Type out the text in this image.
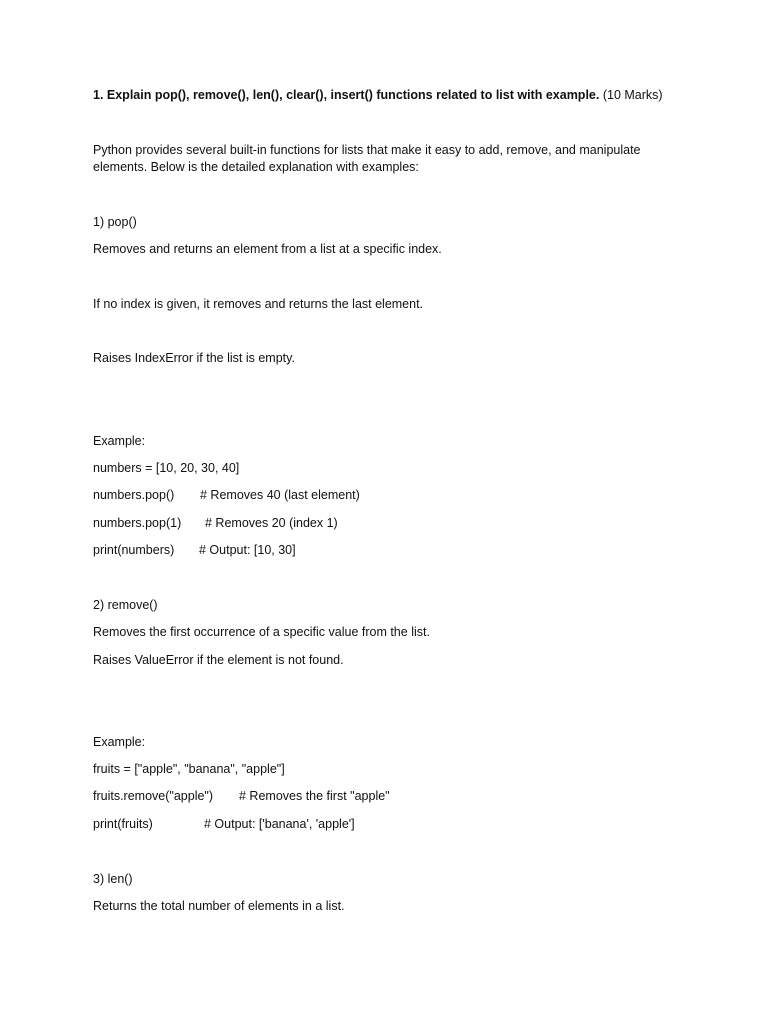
1. Explain pop(), remove(), len(), clear(), insert() functions related to list with example. (10 Marks)
Python provides several built-in functions for lists that make it easy to add, remove, and manipulate elements. Below is the detailed explanation with examples:
1) pop()
Removes and returns an element from a list at a specific index.
If no index is given, it removes and returns the last element.
Raises IndexError if the list is empty.
Example:
numbers = [10, 20, 30, 40]
numbers.pop() # Removes 40 (last element)
numbers.pop(1) # Removes 20 (index 1)
print(numbers) # Output: [10, 30]
2) remove()
Removes the first occurrence of a specific value from the list.
Raises ValueError if the element is not found.
Example:
fruits = ["apple", "banana", "apple"]
fruits.remove("apple") # Removes the first "apple"
print(fruits)	# Output: ['banana', 'apple']
3) len()
Returns the total number of elements in a list.
